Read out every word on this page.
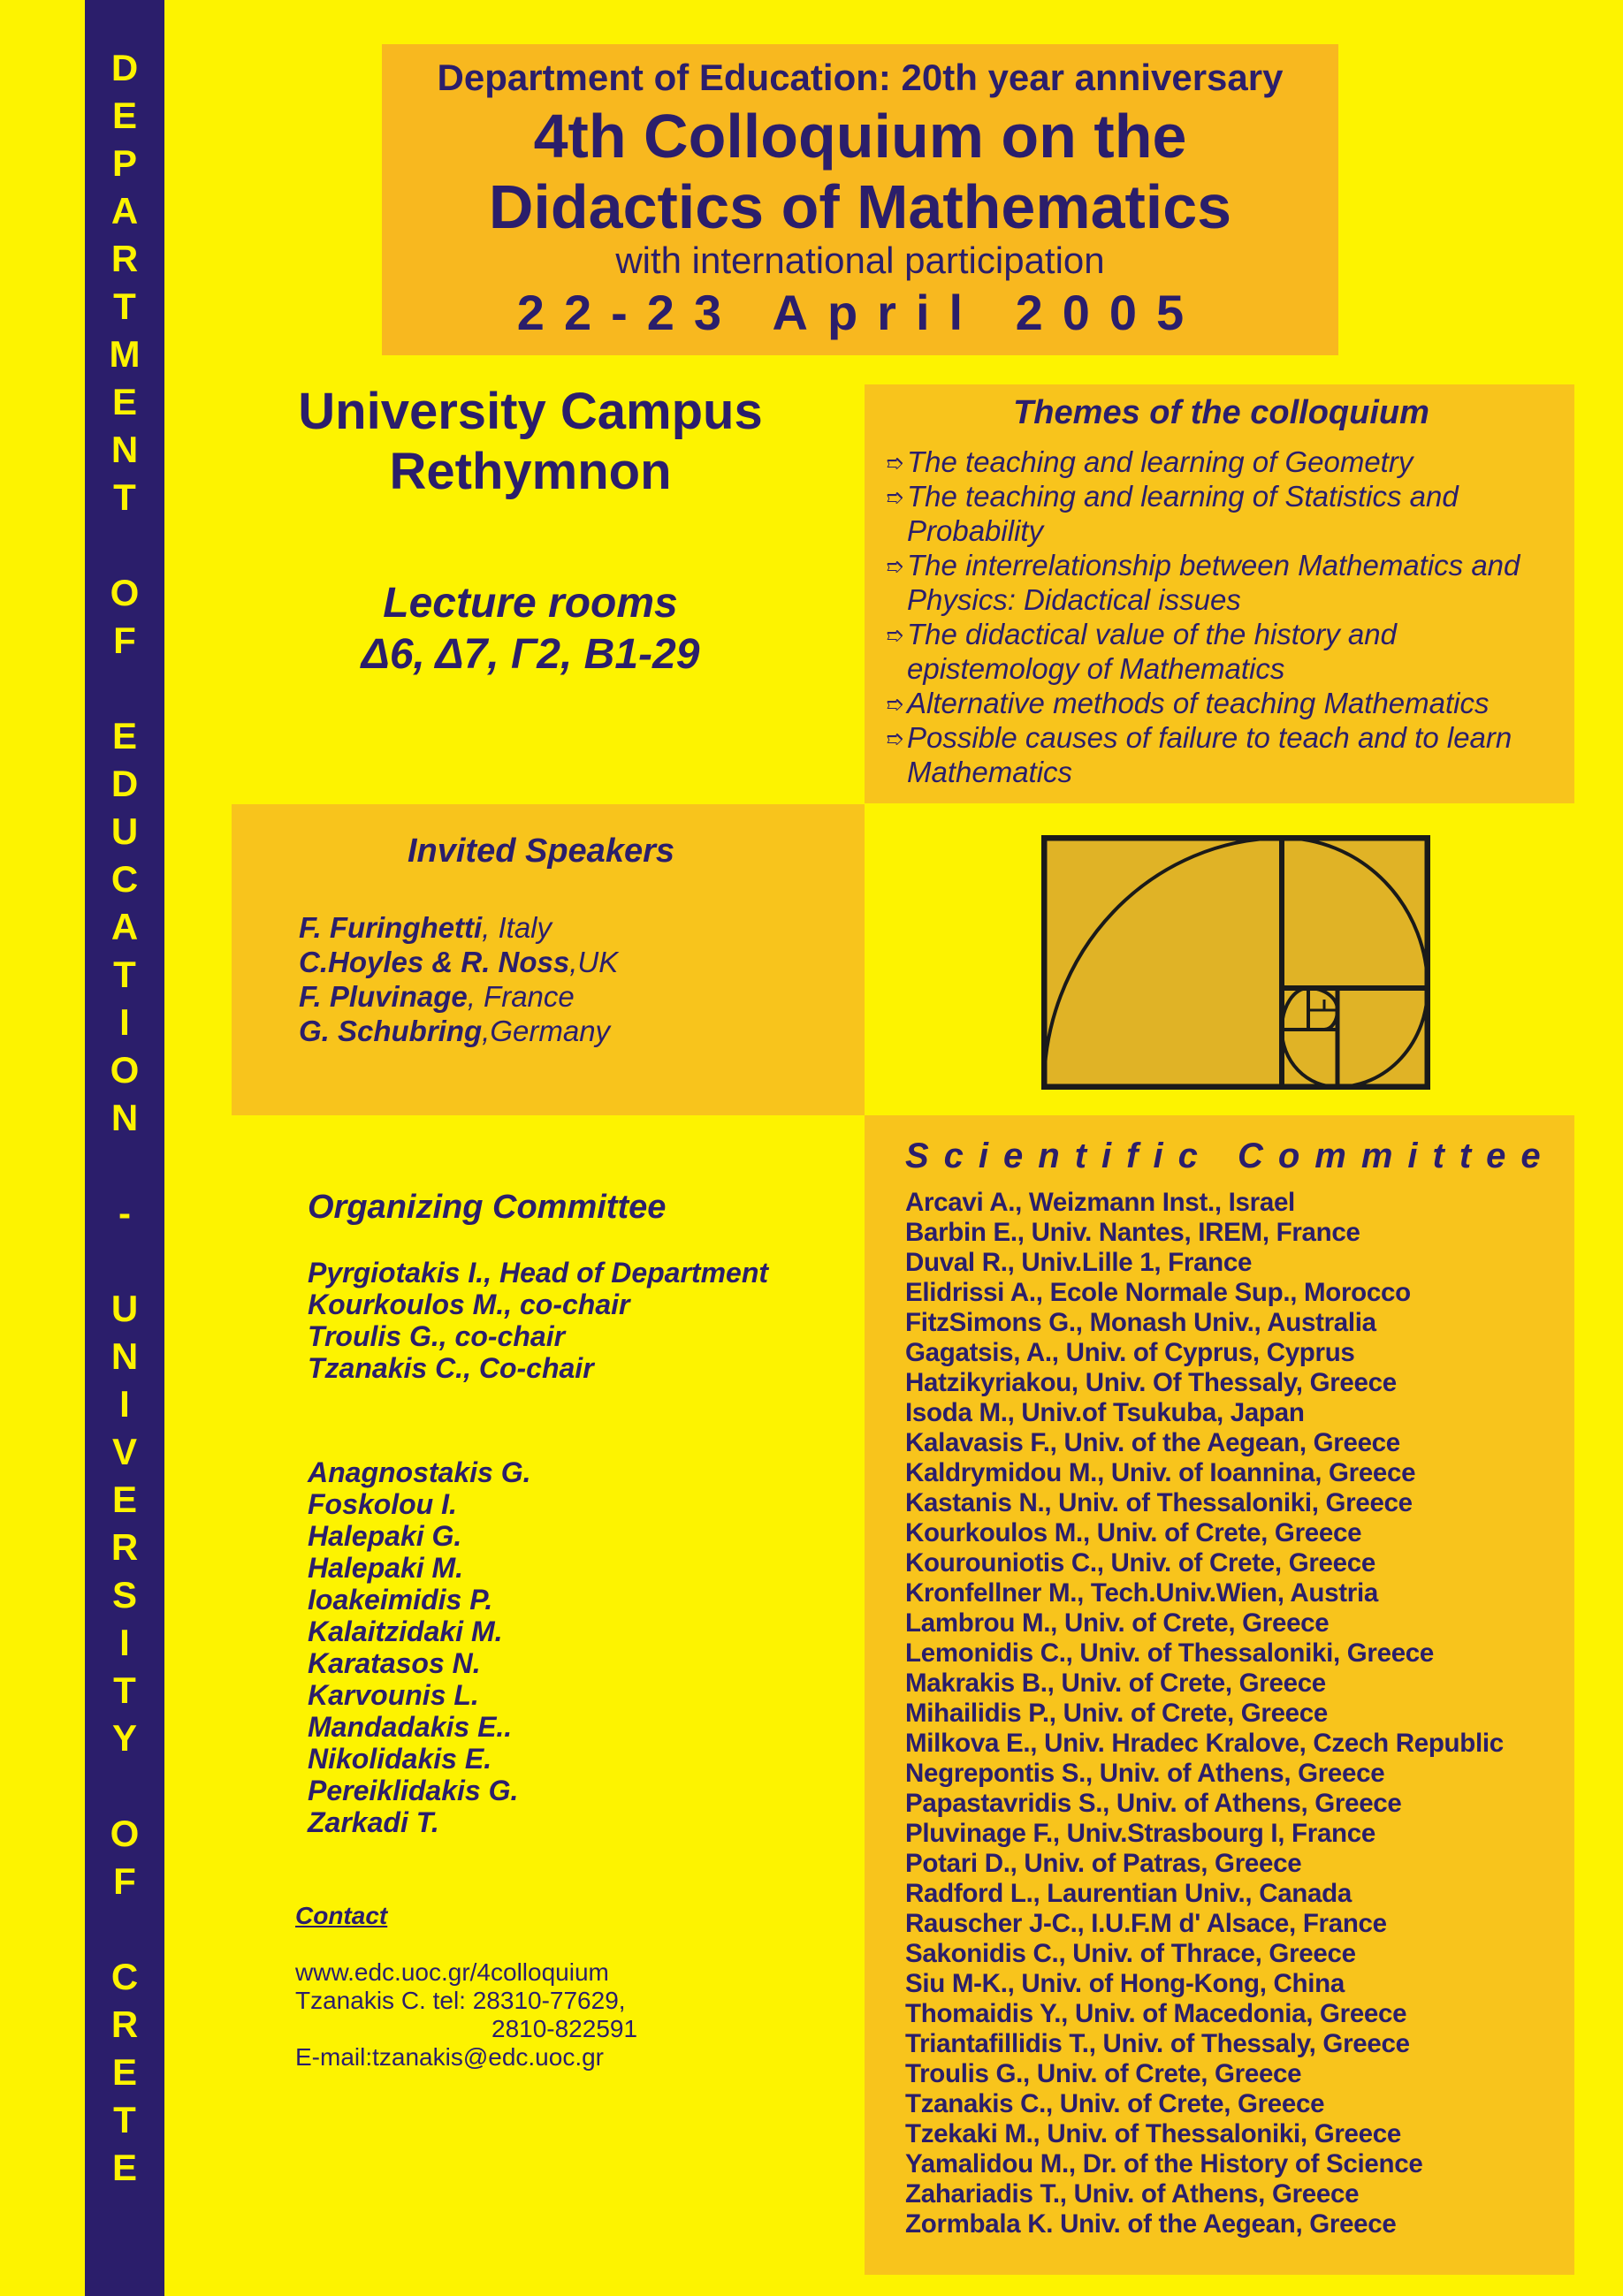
D
E
P
A
R
T
M
E
N
T
O
F
E
D
U
C
A
T
I
O
N
-
U
N
I
V
E
R
S
I
T
Y
O
F
C
R
E
T
E
Department of Education: 20th year anniversary
4th Colloquium on the
Didactics of Mathematics
with international participation
22-23 April 2005
University Campus
Rethymnon
Lecture rooms
Δ6, Δ7, Γ2, Β1-29
Themes of the colloquium
➱ The teaching and learning of Geometry
➱ The teaching and learning of Statistics and Probability
➱ The interrelationship between Mathematics and Physics: Didactical issues
➱ The didactical value of the history and epistemology of Mathematics
➱ Alternative methods of teaching Mathematics
➱ Possible causes of failure to teach and to learn Mathematics
Invited Speakers
F. Furinghetti, Italy
C.Hoyles & R. Noss,UK
F. Pluvinage, France
G. Schubring,Germany
Organizing Committee
Pyrgiotakis I., Head of Department
Kourkoulos M., co-chair
Troulis G., co-chair
Tzanakis C., Co-chair
Anagnostakis G.
Foskolou I.
Halepaki G.
Halepaki M.
Ioakeimidis P.
Kalaitzidaki M.
Karatasos N.
Karvounis L.
Mandadakis E..
Nikolidakis E.
Pereiklidakis G.
Zarkadi T.
Contact
www.edc.uoc.gr/4colloquium
Tzanakis C. tel: 28310-77629,
2810-822591
E-mail:tzanakis@edc.uoc.gr
Scientific Committee
Arcavi A., Weizmann Inst., Israel
Barbin E., Univ. Nantes, IREM, France
Duval R., Univ.Lille 1, France
Elidrissi A., Ecole Normale Sup., Morocco
FitzSimons G., Monash Univ., Australia
Gagatsis, A., Univ. of Cyprus, Cyprus
Hatzikyriakou, Univ. Of Thessaly, Greece
Isoda M., Univ.of Tsukuba, Japan
Kalavasis F., Univ. of the Aegean, Greece
Kaldrymidou M., Univ. of Ioannina, Greece
Kastanis N., Univ. of Thessaloniki, Greece
Kourkoulos M., Univ. of Crete, Greece
Kourouniotis C., Univ. of Crete, Greece
Kronfellner M., Tech.Univ.Wien, Austria
Lambrou M., Univ. of Crete, Greece
Lemonidis C., Univ. of Thessaloniki, Greece
Makrakis B., Univ. of Crete, Greece
Mihailidis P., Univ. of Crete, Greece
Milkova E., Univ. Hradec Kralove, Czech Republic
Negrepontis S., Univ. of Athens, Greece
Papastavridis S., Univ. of Athens, Greece
Pluvinage F., Univ.Strasbourg I, France
Potari D., Univ. of Patras, Greece
Radford L., Laurentian Univ., Canada
Rauscher J-C., I.U.F.M d' Alsace, France
Sakonidis C., Univ. of Thrace, Greece
Siu M-K., Univ. of Hong-Kong, China
Thomaidis Y., Univ. of Macedonia, Greece
Triantafillidis T., Univ. of Thessaly, Greece
Troulis G., Univ. of Crete, Greece
Tzanakis C., Univ. of Crete, Greece
Tzekaki M., Univ. of Thessaloniki, Greece
Yamalidou M., Dr. of the History of Science
Zahariadis T., Univ. of Athens, Greece
Zormbala K. Univ. of the Aegean, Greece
